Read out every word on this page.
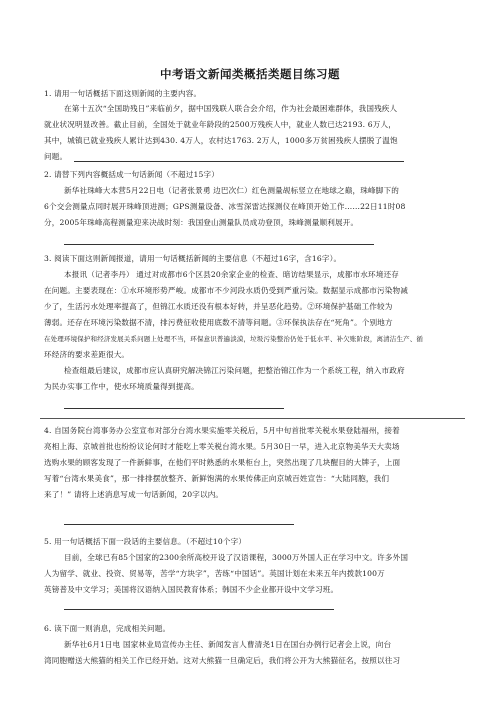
中考语文新闻类概括类题目练习题
1. 请用一句话概括下面这则新闻的主要内容。
在第十五次“全国助残日”来临前夕，据中国残联人联合会介绍，作为社会最困难群体，我国残疾人
就业状况明显改善。截止目前，全国处于就业年龄段的2500万残疾人中，就业人数已达2193. 6万人，
其中，城镇已就业残疾人累计达到430. 4万人，农村达1763. 2万人，1000多万贫困残疾人摆脱了温饱
问题。
2. 请替下列内容概括成一句话新闻（不超过15字）
新华社珠峰大本营5月22日电（记者张景勇 边巴次仁）红色测量觇标竖立在地球之巅，珠峰脚下的
6个交会测量点同时展开珠峰顶进测；GPS测量设备、冰雪深雷达探测仪在峰顶开始工作……22日11时08
分，2005年珠峰高程测量迎来决战时刻：我国登山测量队员成功登顶，珠峰测量顺利展开。
3. 阅读下面这则新闻报道，请用一句话概括新闻的主要信息（不超过16字，含16字）。
本报讯（记者李丹） 通过对成都市6个区县20余家企业的检查、暗访结果显示，成都市水环境还存
在问题。主要表现在：①水环境形势严峻。成都市不少河段水质仍受到严重污染。数据显示成都市污染物减
少了，生活污水处理率提高了，但锦江水质还没有根本好转，并呈恶化趋势。②环境保护基础工作较为
薄弱。还存在环境污染数据不清，排污费征收使用底数不清等问题。③环保执法存在“死角”。个别地方
在处理环境保护和经济发展关系问题上处理不当，环保意识普遍淡漠，垃圾污染整治仍处于低水平、补欠账阶段，离清洁生产、循
环经济的要求差距很大。
检查组最后建议，成都市应认真研究解决锦江污染问题，把整治锦江作为一个系统工程，纳入市政府
为民办实事工作中，使水环境质量得到提高。
4. 自国务院台湾事务办公室宣布对部分台湾水果实施零关税后，5月中旬首批零关税水果登陆福州，接着
亮相上海、京城首批也纷纷议论何时才能吃上零关税台湾水果。5月30日一早，进入北京物美华天大卖场
选购水果的顾客发现了一件新鲜事，在他们平时熟悉的水果柜台上，突然出现了几块醒目的大牌子，上面
写着“台湾水果美食”，那一排排摆放整齐、新鲜饱满的水果传佛正向京城百姓宣告：“大陆同胞，我们
来了！” 请将上述消息写成一句话新闻，20字以内。
5. 用一句话概括下面一段话的主要信息。（不超过10个字）
目前，全球已有85个国家的2300余所高校开设了汉语课程，3000万外国人正在学习中文。许多外国
人为留学、就业、投资、贸易等，苦学“方块字”，苦练“中国话”。英国计划在未来五年内拨款100万
英镑普及中文学习；美国将汉语纳入国民教育体系；韩国不少企业都开设中文学习班。
6. 读下面一则消息，完成相关问题。
新华社6月1日电 国家林业局宣传办主任、新闻发言人曹清尧1日在国台办例行记者会上说，向台
湾同胞赠送大熊猫的相关工作已经开始。这对大熊猫一旦确定后，我们将公开为大熊猫征名，按照以往习
